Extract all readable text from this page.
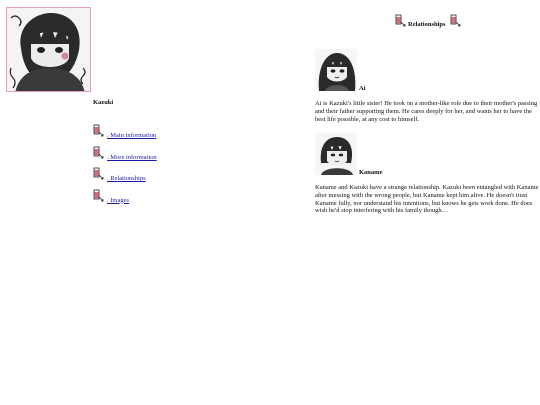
Kazuki
. Main information
. More information
. Relationships
. Images
Relationships
Ai
Ai is Kazuki's little sister! He took on a mother-like role due to their mother's passing and their father supporting them. He cares deeply for her, and wants her to have the best life possible, at any cost to himself.
Kaname
Kaname and Kazuki have a strange relationship. Kazuki been entangled with Kaname after messing with the wrong people, but Kaname kept him alive. He doesn't trust Kaname fully, nor understand his intentions, but knows he gets work done. He does wish he'd stop interfering with his family though…
